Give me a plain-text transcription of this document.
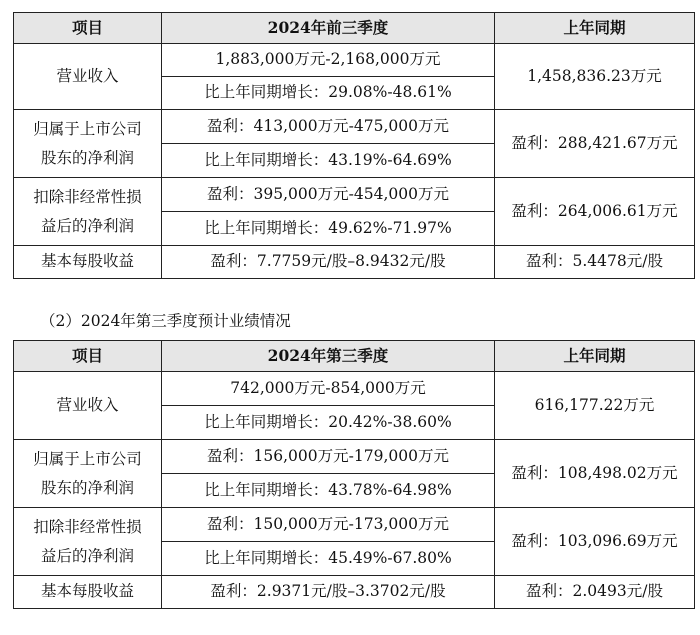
项目	2024年前三季度	上年同期
营业收入	1,883,000万元-2,168,000万元	1,458,836.23万元
	比上年同期增长：29.08%-48.61%	
归属于上市公司
股东的净利润	盈利：413,000万元-475,000万元	盈利：288,421.67万元
	比上年同期增长：43.19%-64.69%	
扣除非经常性损
益后的净利润	盈利：395,000万元-454,000万元	盈利：264,006.61万元
	比上年同期增长：49.62%-71.97%	
基本每股收益	盈利：7.7759元/股–8.9432元/股	盈利：5.4478元/股
（2）2024年第三季度预计业绩情况
项目	2024年第三季度	上年同期
营业收入	742,000万元-854,000万元	616,177.22万元
	比上年同期增长：20.42%-38.60%	
归属于上市公司
股东的净利润	盈利：156,000万元-179,000万元	盈利：108,498.02万元
	比上年同期增长：43.78%-64.98%	
扣除非经常性损
益后的净利润	盈利：150,000万元-173,000万元	盈利：103,096.69万元
	比上年同期增长：45.49%-67.80%	
基本每股收益	盈利：2.9371元/股–3.3702元/股	盈利：2.0493元/股
